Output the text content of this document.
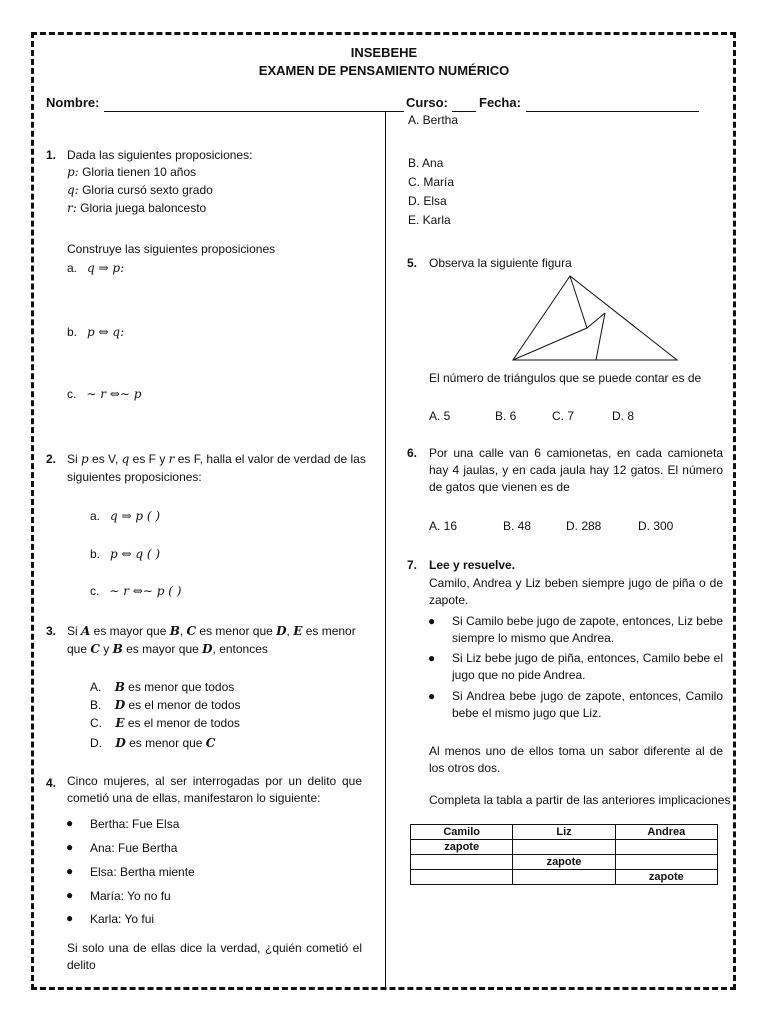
INSEBEHE
EXAMEN DE PENSAMIENTO NUMÉRICO
Nombre:	Curso: Fecha:
1. Dada las siguientes proposiciones:
p: Gloria tienen 10 años
q: Gloria cursó sexto grado
r: Gloria juega baloncesto
Construye las siguientes proposiciones
a. q ⇒ p:
b. p ⇔ q:
c. ∼ r ⇔∼ p
2. Si p es V, q es F y r es F, halla el valor de verdad de las
siguientes proposiciones:
a. q ⇒ p ( )
b. p ⇔ q ( )
c. ∼ r ⇔∼ p ( )
3. Si A es mayor que B, C es menor que D, E es menor
que C y B es mayor que D, entonces
A. B es menor que todos
B. D es el menor de todos
C. E es el menor de todos
D. D es menor que C
4. Cinco mujeres, al ser interrogadas por un delito que cometió una de ellas, manifestaron lo siguiente:
● Bertha: Fue Elsa
● Ana: Fue Bertha
● Elsa: Bertha miente
● María: Yo no fu
● Karla: Yo fui
Si solo una de ellas dice la verdad, ¿quién cometió el delito
A. Bertha
B. Ana
C. María
D. Elsa
E. Karla
5. Observa la siguiente figura
El número de triángulos que se puede contar es de
A. 5	B. 6	C. 7	D. 8
6. Por una calle van 6 camionetas, en cada camioneta hay 4 jaulas, y en cada jaula hay 12 gatos. El número de gatos que vienen es de
A. 16	B. 48	D. 288	D. 300
7. Lee y resuelve.
Camilo, Andrea y Liz beben siempre jugo de piña o de zapote.
● Si Camilo bebe jugo de zapote, entonces, Liz bebe siempre lo mismo que Andrea.
● Si Liz bebe jugo de piña, entonces, Camilo bebe el jugo que no pide Andrea.
● Si Andrea bebe jugo de zapote, entonces, Camilo bebe el mismo jugo que Liz.
Al menos uno de ellos toma un sabor diferente al de los otros dos.
Completa la tabla a partir de las anteriores implicaciones
Camilo	Liz	Andrea
zapote		
	zapote	
		zapote
